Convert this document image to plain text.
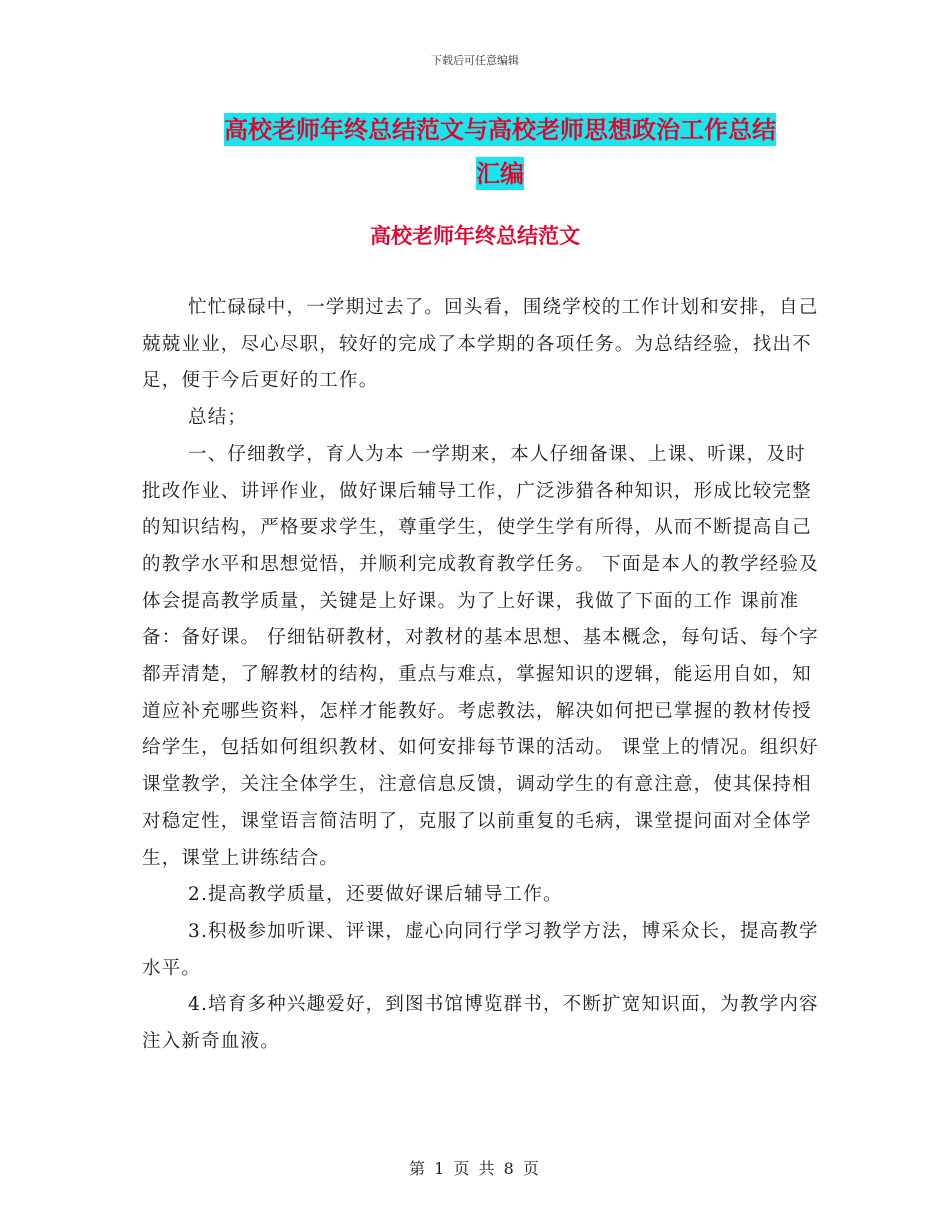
下载后可任意编辑
高校老师年终总结范文与高校老师思想政治工作总结
汇编
高校老师年终总结范文

忙忙碌碌中，一学期过去了。回头看，围绕学校的工作计划和安排，自己兢兢业业，尽心尽职，较好的完成了本学期的各项任务。为总结经验，找出不足，便于今后更好的工作。

总结；

一、仔细教学，育人为本 一学期来，本人仔细备课、上课、听课，及时批改作业、讲评作业，做好课后辅导工作，广泛涉猎各种知识，形成比较完整的知识结构，严格要求学生，尊重学生，使学生学有所得，从而不断提高自己的教学水平和思想觉悟，并顺利完成教育教学任务。 下面是本人的教学经验及体会提高教学质量，关键是上好课。为了上好课，我做了下面的工作 课前准备：备好课。 仔细钻研教材，对教材的基本思想、基本概念，每句话、每个字都弄清楚，了解教材的结构，重点与难点，掌握知识的逻辑，能运用自如，知道应补充哪些资料，怎样才能教好。考虑教法，解决如何把已掌握的教材传授给学生，包括如何组织教材、如何安排每节课的活动。 课堂上的情况。组织好课堂教学，关注全体学生，注意信息反馈，调动学生的有意注意，使其保持相对稳定性，课堂语言简洁明了，克服了以前重复的毛病，课堂提问面对全体学生，课堂上讲练结合。

2.提高教学质量，还要做好课后辅导工作。

3.积极参加听课、评课，虚心向同行学习教学方法，博采众长，提高教学水平。

4.培育多种兴趣爱好，到图书馆博览群书，不断扩宽知识面，为教学内容注入新奇血液。

第 1 页 共 8 页
